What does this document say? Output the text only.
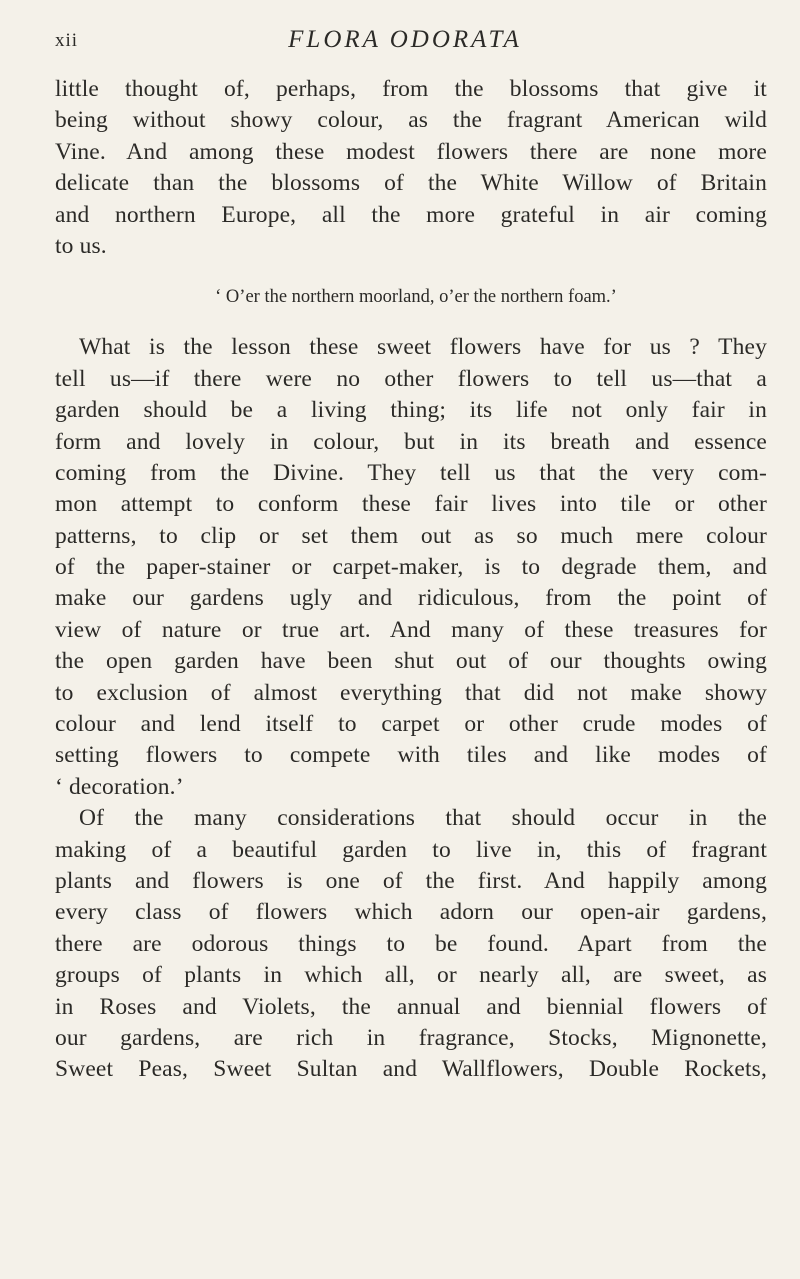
xii	FLORA ODORATA
little thought of, perhaps, from the blossoms that give it
being without showy colour, as the fragrant American wild
Vine. And among these modest flowers there are none more
delicate than the blossoms of the White Willow of Britain
and northern Europe, all the more grateful in air coming
to us.
‘ O’er the northern moorland, o’er the northern foam.’
What is the lesson these sweet flowers have for us ? They
tell us—if there were no other flowers to tell us—that a
garden should be a living thing; its life not only fair in
form and lovely in colour, but in its breath and essence
coming from the Divine. They tell us that the very com-
mon attempt to conform these fair lives into tile or other
patterns, to clip or set them out as so much mere colour
of the paper-stainer or carpet-maker, is to degrade them, and
make our gardens ugly and ridiculous, from the point of
view of nature or true art. And many of these treasures for
the open garden have been shut out of our thoughts owing
to exclusion of almost everything that did not make showy
colour and lend itself to carpet or other crude modes of
setting flowers to compete with tiles and like modes of
‘ decoration.’
Of the many considerations that should occur in the
making of a beautiful garden to live in, this of fragrant
plants and flowers is one of the first. And happily among
every class of flowers which adorn our open-air gardens,
there are odorous things to be found. Apart from the
groups of plants in which all, or nearly all, are sweet, as
in Roses and Violets, the annual and biennial flowers of
our gardens, are rich in fragrance, Stocks, Mignonette,
Sweet Peas, Sweet Sultan and Wallflowers, Double Rockets,
